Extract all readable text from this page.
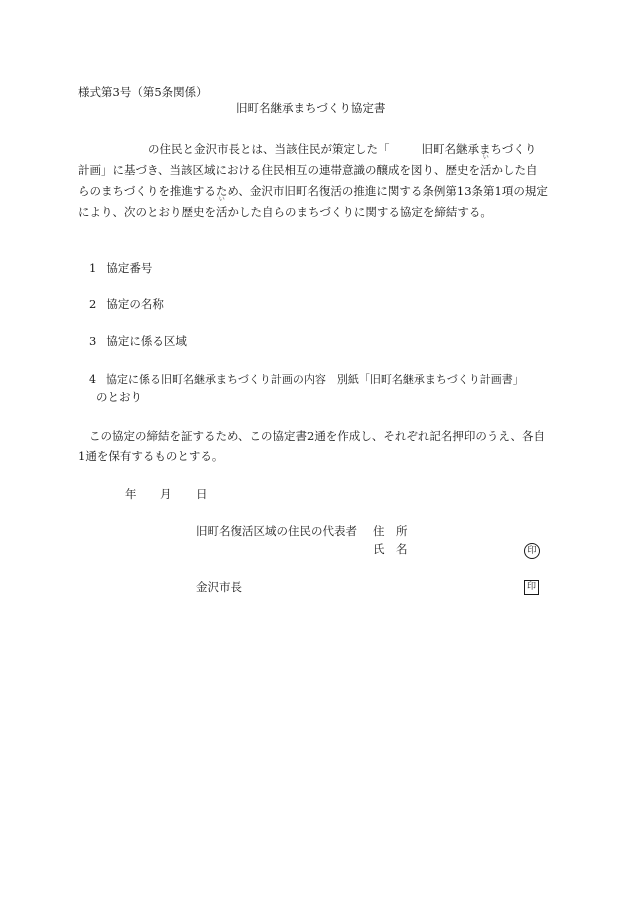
様式第3号（第5条関係）
旧町名継承まちづくり協定書
の住民と金沢市長とは、当該住民が策定した「	旧町名継承まちづくり
計画」に基づき、当該区域における住民相互の連帯意識の醸成を図り、歴史を活
い
かした自
らのまちづくりを推進するため、金沢市旧町名復活の推進に関する条例第13条第1項の規定
により、次のとおり歴史を活
い
かした自らのまちづくりに関する協定を締結する。
1 協定番号
2 協定の名称
3 協定に係る区域
4 協定に係る旧町名継承まちづくり計画の内容　別紙「旧町名継承まちづくり計画書」
のとおり
この協定の締結を証するため、この協定書2通を作成し、それぞれ記名押印のうえ、各自
1通を保有するものとする。
年 月 日
旧町名復活区域の住民の代表者 住　所
氏　名	印
金沢市長	印
